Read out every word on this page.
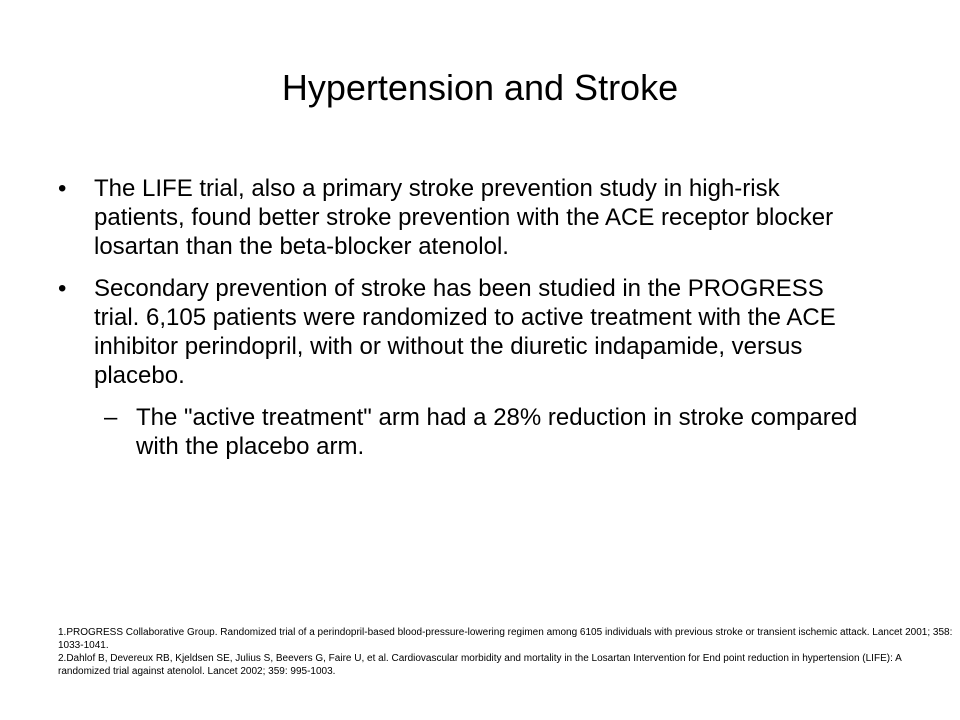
Hypertension and Stroke
•	The LIFE trial, also a primary stroke prevention study in high-risk patients, found better stroke prevention with the ACE receptor blocker losartan than the beta-blocker atenolol.
•	Secondary prevention of stroke has been studied in the PROGRESS trial. 6,105 patients were randomized to active treatment with the ACE inhibitor perindopril, with or without the diuretic indapamide, versus placebo.
– The "active treatment" arm had a 28% reduction in stroke compared with the placebo arm.

1.PROGRESS Collaborative Group. Randomized trial of a perindopril-based blood-pressure-lowering regimen among 6105 individuals with previous stroke or transient ischemic attack. Lancet 2001; 358: 1033-1041.

2.Dahlof B, Devereux RB, Kjeldsen SE, Julius S, Beevers G, Faire U, et al. Cardiovascular morbidity and mortality in the Losartan Intervention for End point reduction in hypertension (LIFE): A randomized trial against atenolol. Lancet 2002; 359: 995-1003.
